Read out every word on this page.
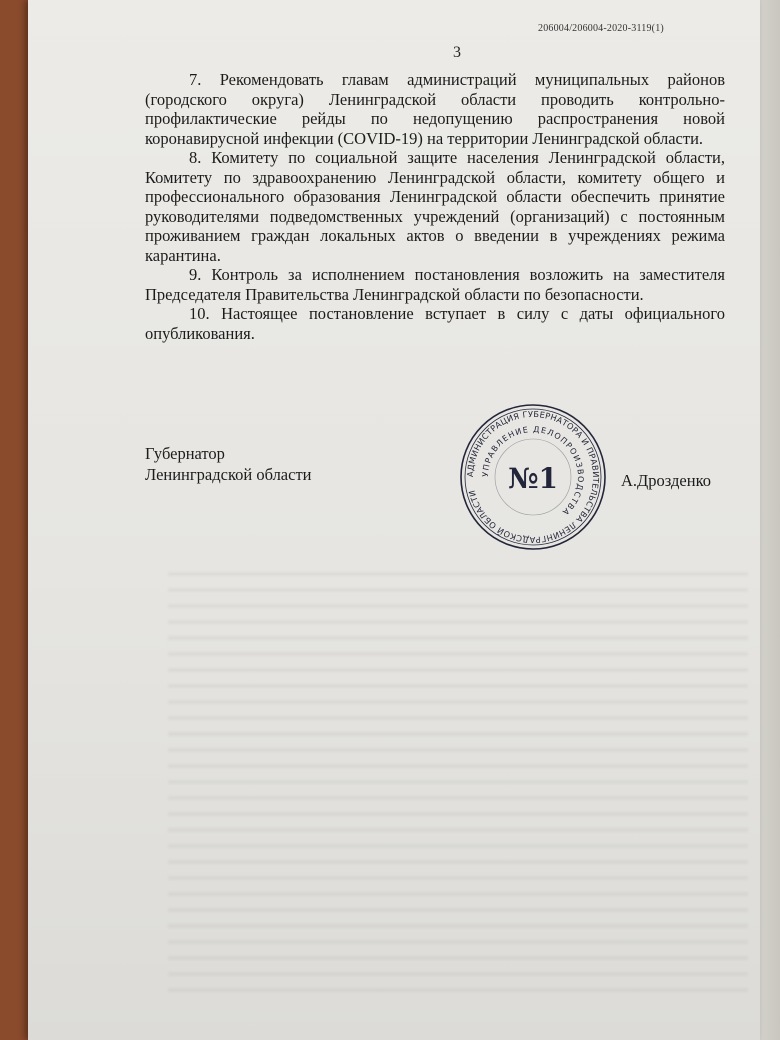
206004/206004-2020-3119(1)
3

7. Рекомендовать главам администраций муниципальных районов (городского округа) Ленинградской области проводить контрольно-профилактические рейды по недопущению распространения новой коронавирусной инфекции (COVID-19) на территории Ленинградской области.

8. Комитету по социальной защите населения Ленинградской области, Комитету по здравоохранению Ленинградской области, комитету общего и профессионального образования Ленинградской области обеспечить принятие руководителями подведомственных учреждений (организаций) с постоянным проживанием граждан локальных актов о введении в учреждениях режима карантина.

9. Контроль за исполнением постановления возложить на заместителя Председателя Правительства Ленинградской области по безопасности.

10. Настоящее постановление вступает в силу с даты официального опубликования.

Губернатор
Ленинградской области	АДМИНИСТРАЦИЯ ГУБЕРНАТОРА И ПРАВИТЕЛЬСТВА ЛЕНИНГРАДСКОЙ ОБЛАСТИ
УПРАВЛЕНИЕ ДЕЛОПРОИЗВОДСТВА
№1	А.Дрозденко
